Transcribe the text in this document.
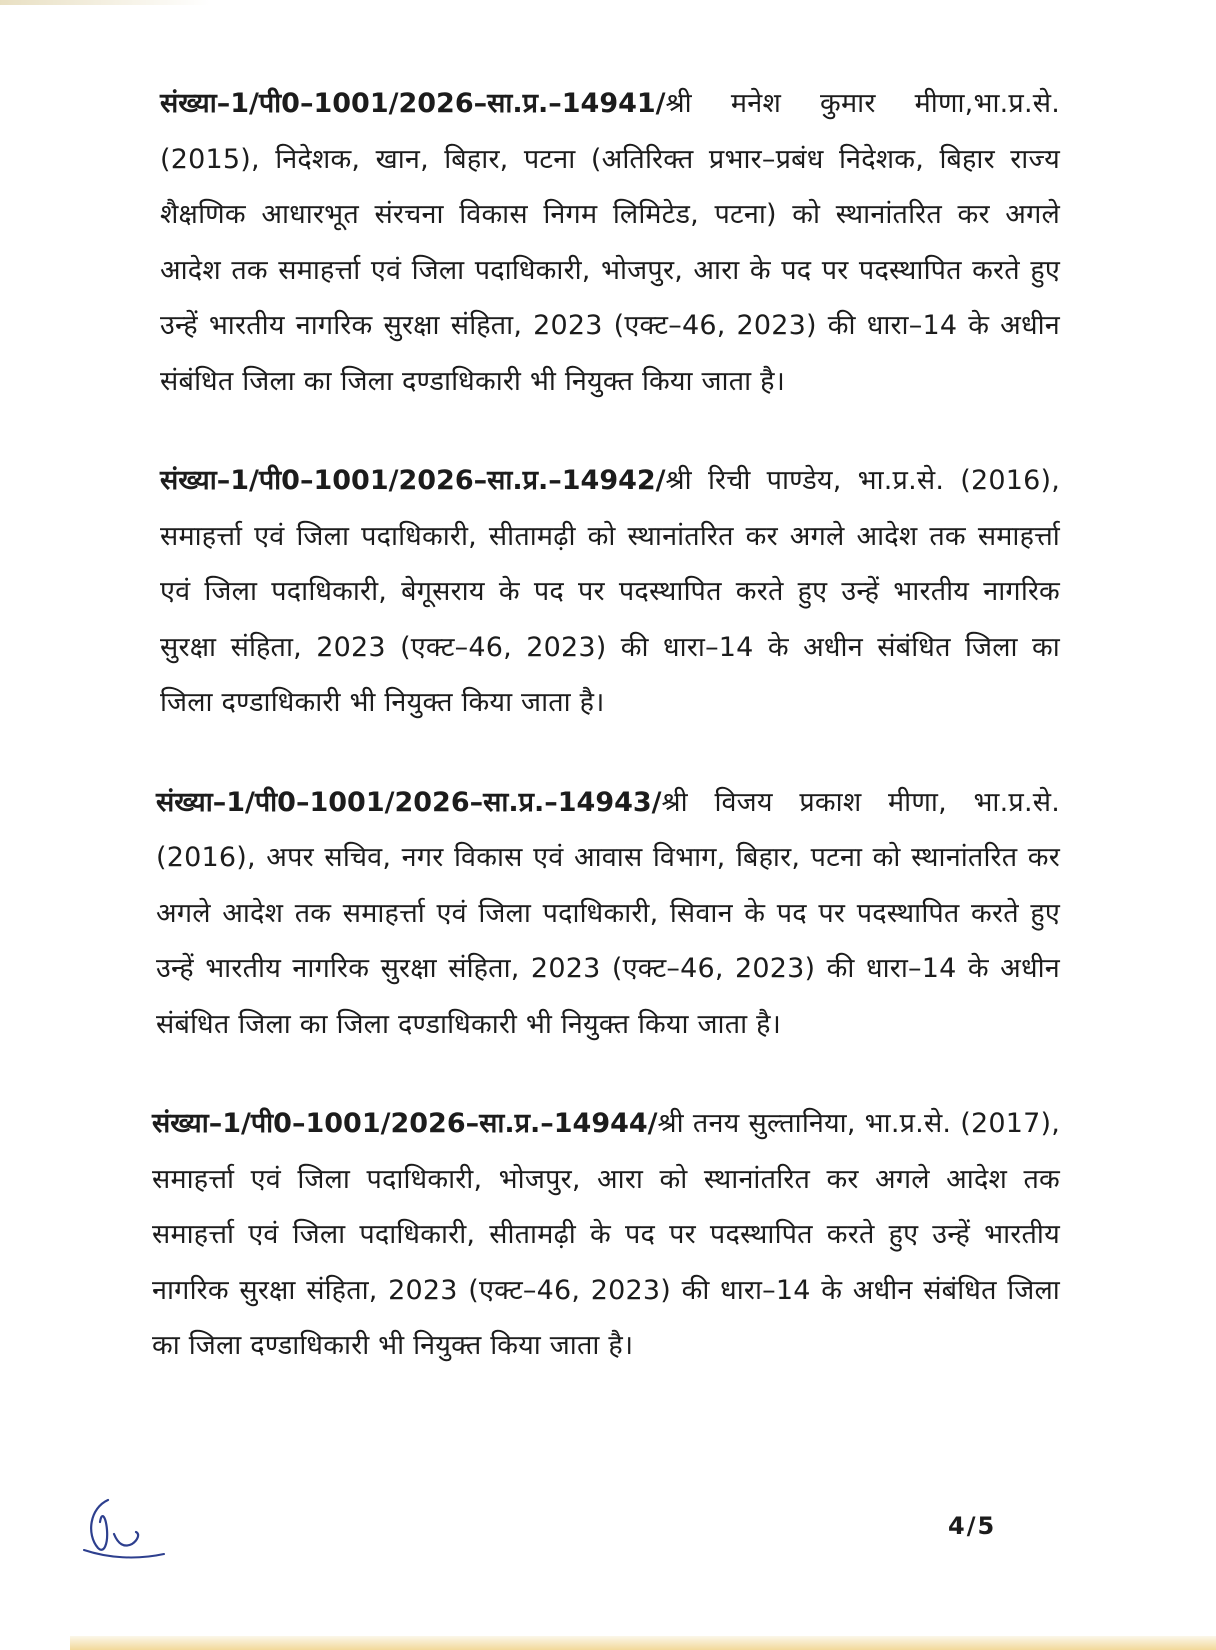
संख्या–1/पी0–1001/2026–सा.प्र.–14941/श्री मनेश कुमार मीणा,भा.प्र.से. (2015), निदेशक, खान, बिहार, पटना (अतिरिक्त प्रभार–प्रबंध निदेशक, बिहार राज्य शैक्षणिक आधारभूत संरचना विकास निगम लिमिटेड, पटना) को स्थानांतरित कर अगले आदेश तक समाहर्त्ता एवं जिला पदाधिकारी, भोजपुर, आरा के पद पर पदस्थापित करते हुए उन्हें भारतीय नागरिक सुरक्षा संहिता, 2023 (एक्ट–46, 2023) की धारा–14 के अधीन संबंधित जिला का जिला दण्डाधिकारी भी नियुक्त किया जाता है।

संख्या–1/पी0–1001/2026–सा.प्र.–14942/श्री रिची पाण्डेय, भा.प्र.से. (2016), समाहर्त्ता एवं जिला पदाधिकारी, सीतामढ़ी को स्थानांतरित कर अगले आदेश तक समाहर्त्ता एवं जिला पदाधिकारी, बेगूसराय के पद पर पदस्थापित करते हुए उन्हें भारतीय नागरिक सुरक्षा संहिता, 2023 (एक्ट–46, 2023) की धारा–14 के अधीन संबंधित जिला का जिला दण्डाधिकारी भी नियुक्त किया जाता है।

संख्या–1/पी0–1001/2026–सा.प्र.–14943/श्री विजय प्रकाश मीणा, भा.प्र.से. (2016), अपर सचिव, नगर विकास एवं आवास विभाग, बिहार, पटना को स्थानांतरित कर अगले आदेश तक समाहर्त्ता एवं जिला पदाधिकारी, सिवान के पद पर पदस्थापित करते हुए उन्हें भारतीय नागरिक सुरक्षा संहिता, 2023 (एक्ट–46, 2023) की धारा–14 के अधीन संबंधित जिला का जिला दण्डाधिकारी भी नियुक्त किया जाता है।

संख्या–1/पी0–1001/2026–सा.प्र.–14944/श्री तनय सुल्तानिया, भा.प्र.से. (2017), समाहर्त्ता एवं जिला पदाधिकारी, भोजपुर, आरा को स्थानांतरित कर अगले आदेश तक समाहर्त्ता एवं जिला पदाधिकारी, सीतामढ़ी के पद पर पदस्थापित करते हुए उन्हें भारतीय नागरिक सुरक्षा संहिता, 2023 (एक्ट–46, 2023) की धारा–14 के अधीन संबंधित जिला का जिला दण्डाधिकारी भी नियुक्त किया जाता है।

4/5
